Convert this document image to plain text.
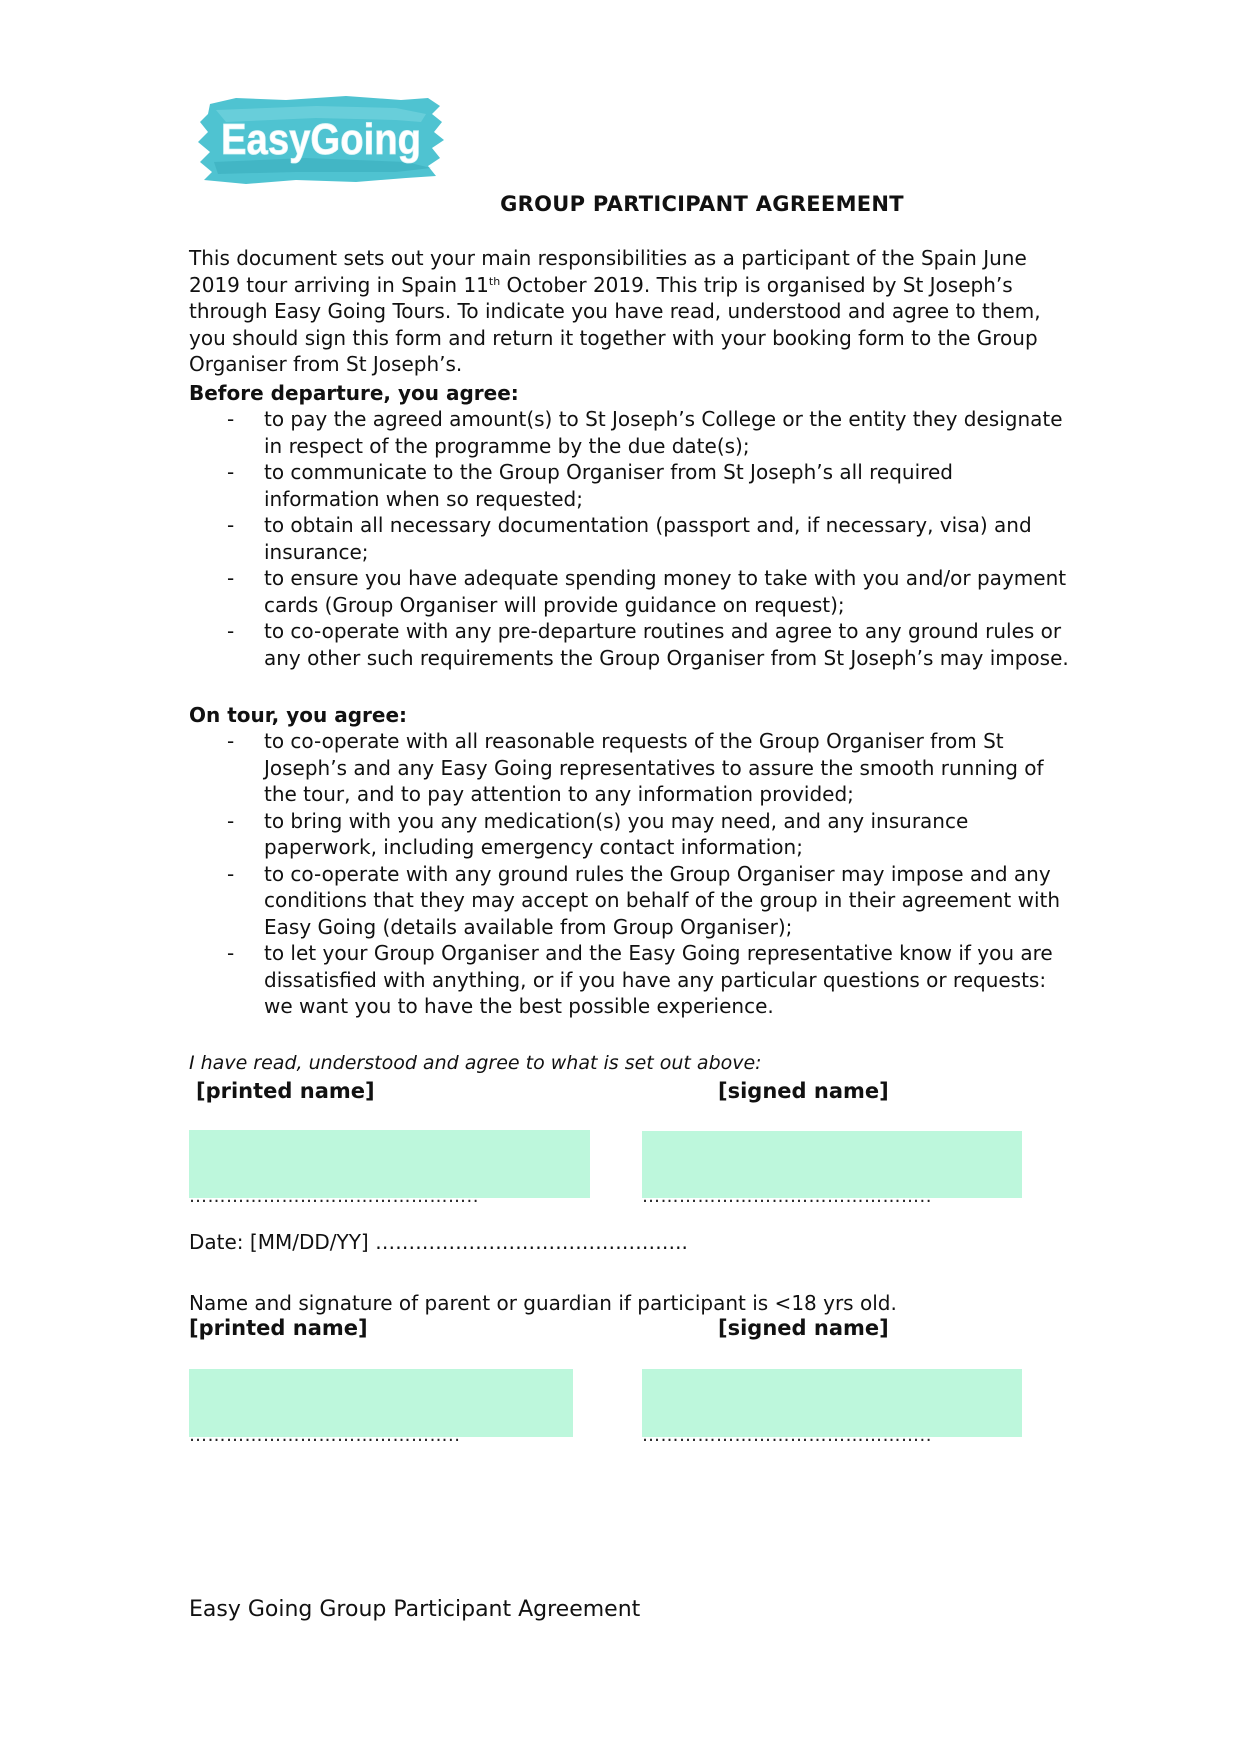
EasyGoing
GROUP PARTICIPANT AGREEMENT

This document sets out your main responsibilities as a participant of the Spain June 2019 tour arriving in Spain 11th October 2019. This trip is organised by St Joseph’s through Easy Going Tours. To indicate you have read, understood and agree to them, you should sign this form and return it together with your booking form to the Group Organiser from St Joseph’s.

Before departure, you agree:

- to pay the agreed amount(s) to St Joseph’s College or the entity they designate in respect of the programme by the due date(s);
- to communicate to the Group Organiser from St Joseph’s all required information when so requested;
- to obtain all necessary documentation (passport and, if necessary, visa) and insurance;
- to ensure you have adequate spending money to take with you and/or payment cards (Group Organiser will provide guidance on request);
- to co-operate with any pre-departure routines and agree to any ground rules or any other such requirements the Group Organiser from St Joseph’s may impose.

On tour, you agree:

- to co-operate with all reasonable requests of the Group Organiser from St Joseph’s and any Easy Going representatives to assure the smooth running of the tour, and to pay attention to any information provided;
- to bring with you any medication(s) you may need, and any insurance paperwork, including emergency contact information;
- to co-operate with any ground rules the Group Organiser may impose and any conditions that they may accept on behalf of the group in their agreement with Easy Going (details available from Group Organiser);
- to let your Group Organiser and the Easy Going representative know if you are dissatisfied with anything, or if you have any particular questions or requests: we want you to have the best possible experience.
I have read, understood and agree to what is set out above:
[printed name]	[signed name]
………………………………………..	………………………………………..
Date: [MM/DD/YY] ………………………………………..
Name and signature of parent or guardian if participant is <18 yrs old.
[printed name]	[signed name]
……………………………………..	………………………………………..
Easy Going Group Participant Agreement
